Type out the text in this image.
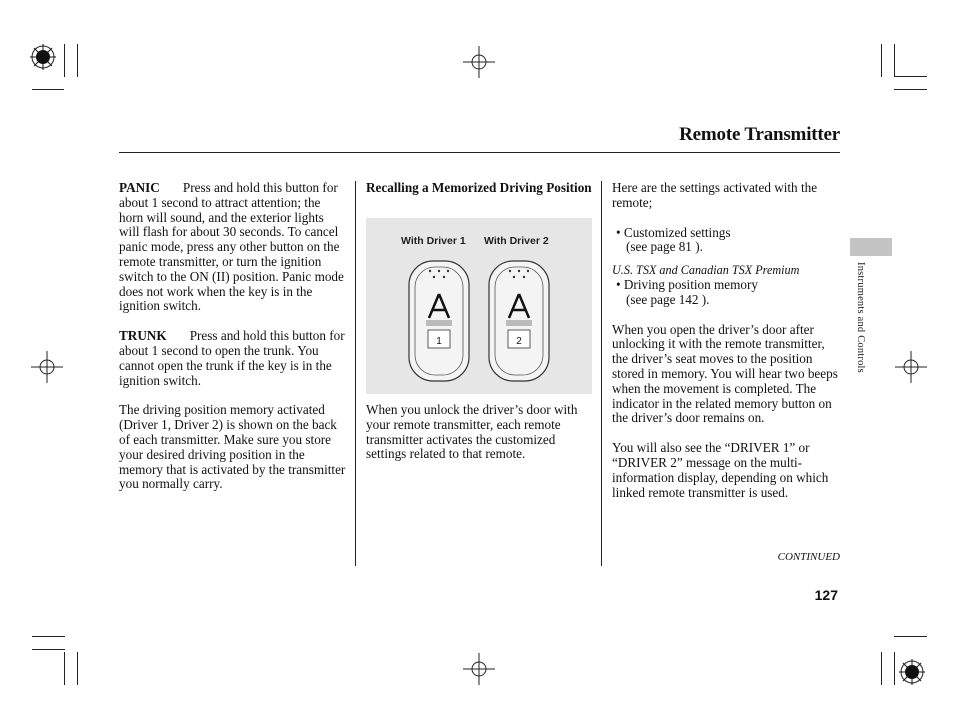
Remote Transmitter

PANIC Press and hold this button for about 1 second to attract attention; the horn will sound, and the exterior lights will flash for about 30 seconds. To cancel panic mode, press any other button on the remote transmitter, or turn the ignition switch to the ON (II) position. Panic mode does not work when the key is in the ignition switch.

TRUNK Press and hold this button for about 1 second to open the trunk. You cannot open the trunk if the key is in the ignition switch.

The driving position memory activated (Driver 1, Driver 2) is shown on the back of each transmitter. Make sure you store your desired driving position in the memory that is activated by the transmitter you normally carry.

Recalling a Memorized Driving Position

With Driver 1 With Driver 2
1	2

When you unlock the driver’s door with your remote transmitter, each remote transmitter activates the customized settings related to that remote.

Here are the settings activated with the remote;

• Customized settings

(see page 81 ).

U.S. TSX and Canadian TSX Premium

• Driving position memory

(see page 142 ).

When you open the driver’s door after unlocking it with the remote transmitter, the driver’s seat moves to the position stored in memory. You will hear two beeps when the movement is completed. The indicator in the related memory button on the driver’s door remains on.

You will also see the “DRIVER 1” or “DRIVER 2” message on the multi-information display, depending on which linked remote transmitter is used.

CONTINUED
Instruments and Controls
127
